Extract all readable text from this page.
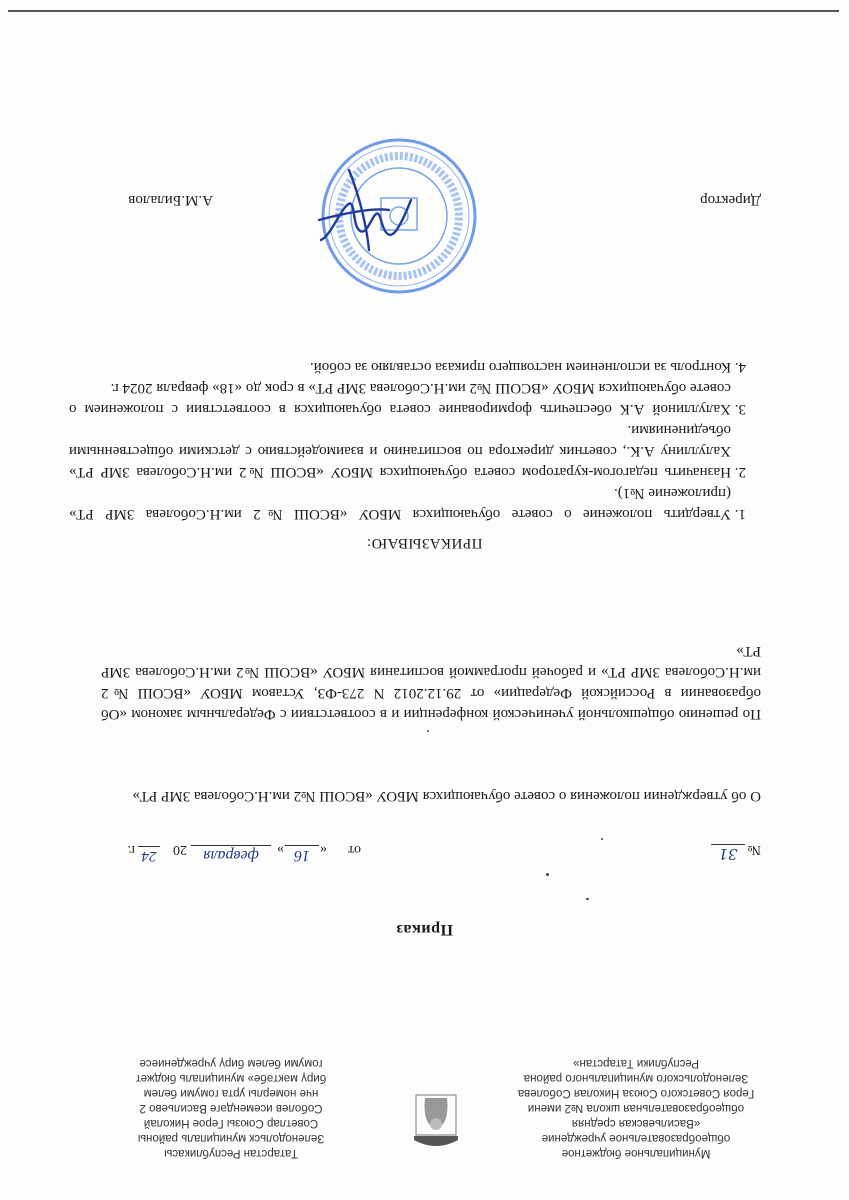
Муниципальное бюджетное
общеобразовательное учреждение
«Васильевская средняя
общеобразовательная школа №2 имени
Героя Советского Союза Николая Соболева
Зеленодольского муниципального района
Республики Татарстан»
Татарстан Республикасы
Зеленодольск муниципаль районы
Советлар Союзы Герое Николай
Соболев исемендәге Васильево 2
нче номерлы урта гомуми белем
бирү мәктәбе» муниципаль бюджет
гомуми белем бирү учреждениесе
Приказ
№
31
от
«
16
»
февраля
20
24
г.
О об утверждении положения о совете обучающихся МБОУ «ВСОШ №2 им.Н.Соболева ЗМР РТ»
По решению общешкольной ученической конференции и в соответствии с Федеральным законом «Об образовании в Российской Федерации» от 29.12.2012 N 273-ФЗ, Уставом МБОУ «ВСОШ №2 им.Н.Соболева ЗМР РТ» и рабочей программой воспитания МБОУ «ВСОШ №2 им.Н.Соболева ЗМР РТ»
ПРИКАЗЫВАЮ:
1. Утвердить положение о совете обучающихся МБОУ «ВСОШ №2 им.Н.Соболева ЗМР РТ» (приложение №1).
2. Назначить педагогом-куратором совета обучающихся МБОУ «ВСОШ №2 им.Н.Соболева ЗМР РТ» Халуллину А.К., советник директора по воспитанию и взаимодействию с детскими общественными объединениями.
3. Халуллиной А.К обеспечить формирование совета обучающихся в соответствии с положением о совете обучающихся МБОУ «ВСОШ №2 им.Н.Соболева ЗМР РТ» в срок до «18» февраля 2024 г.
4. Контроль за исполнением настоящего приказа оставляю за собой.
Директор
А.М.Билалов
